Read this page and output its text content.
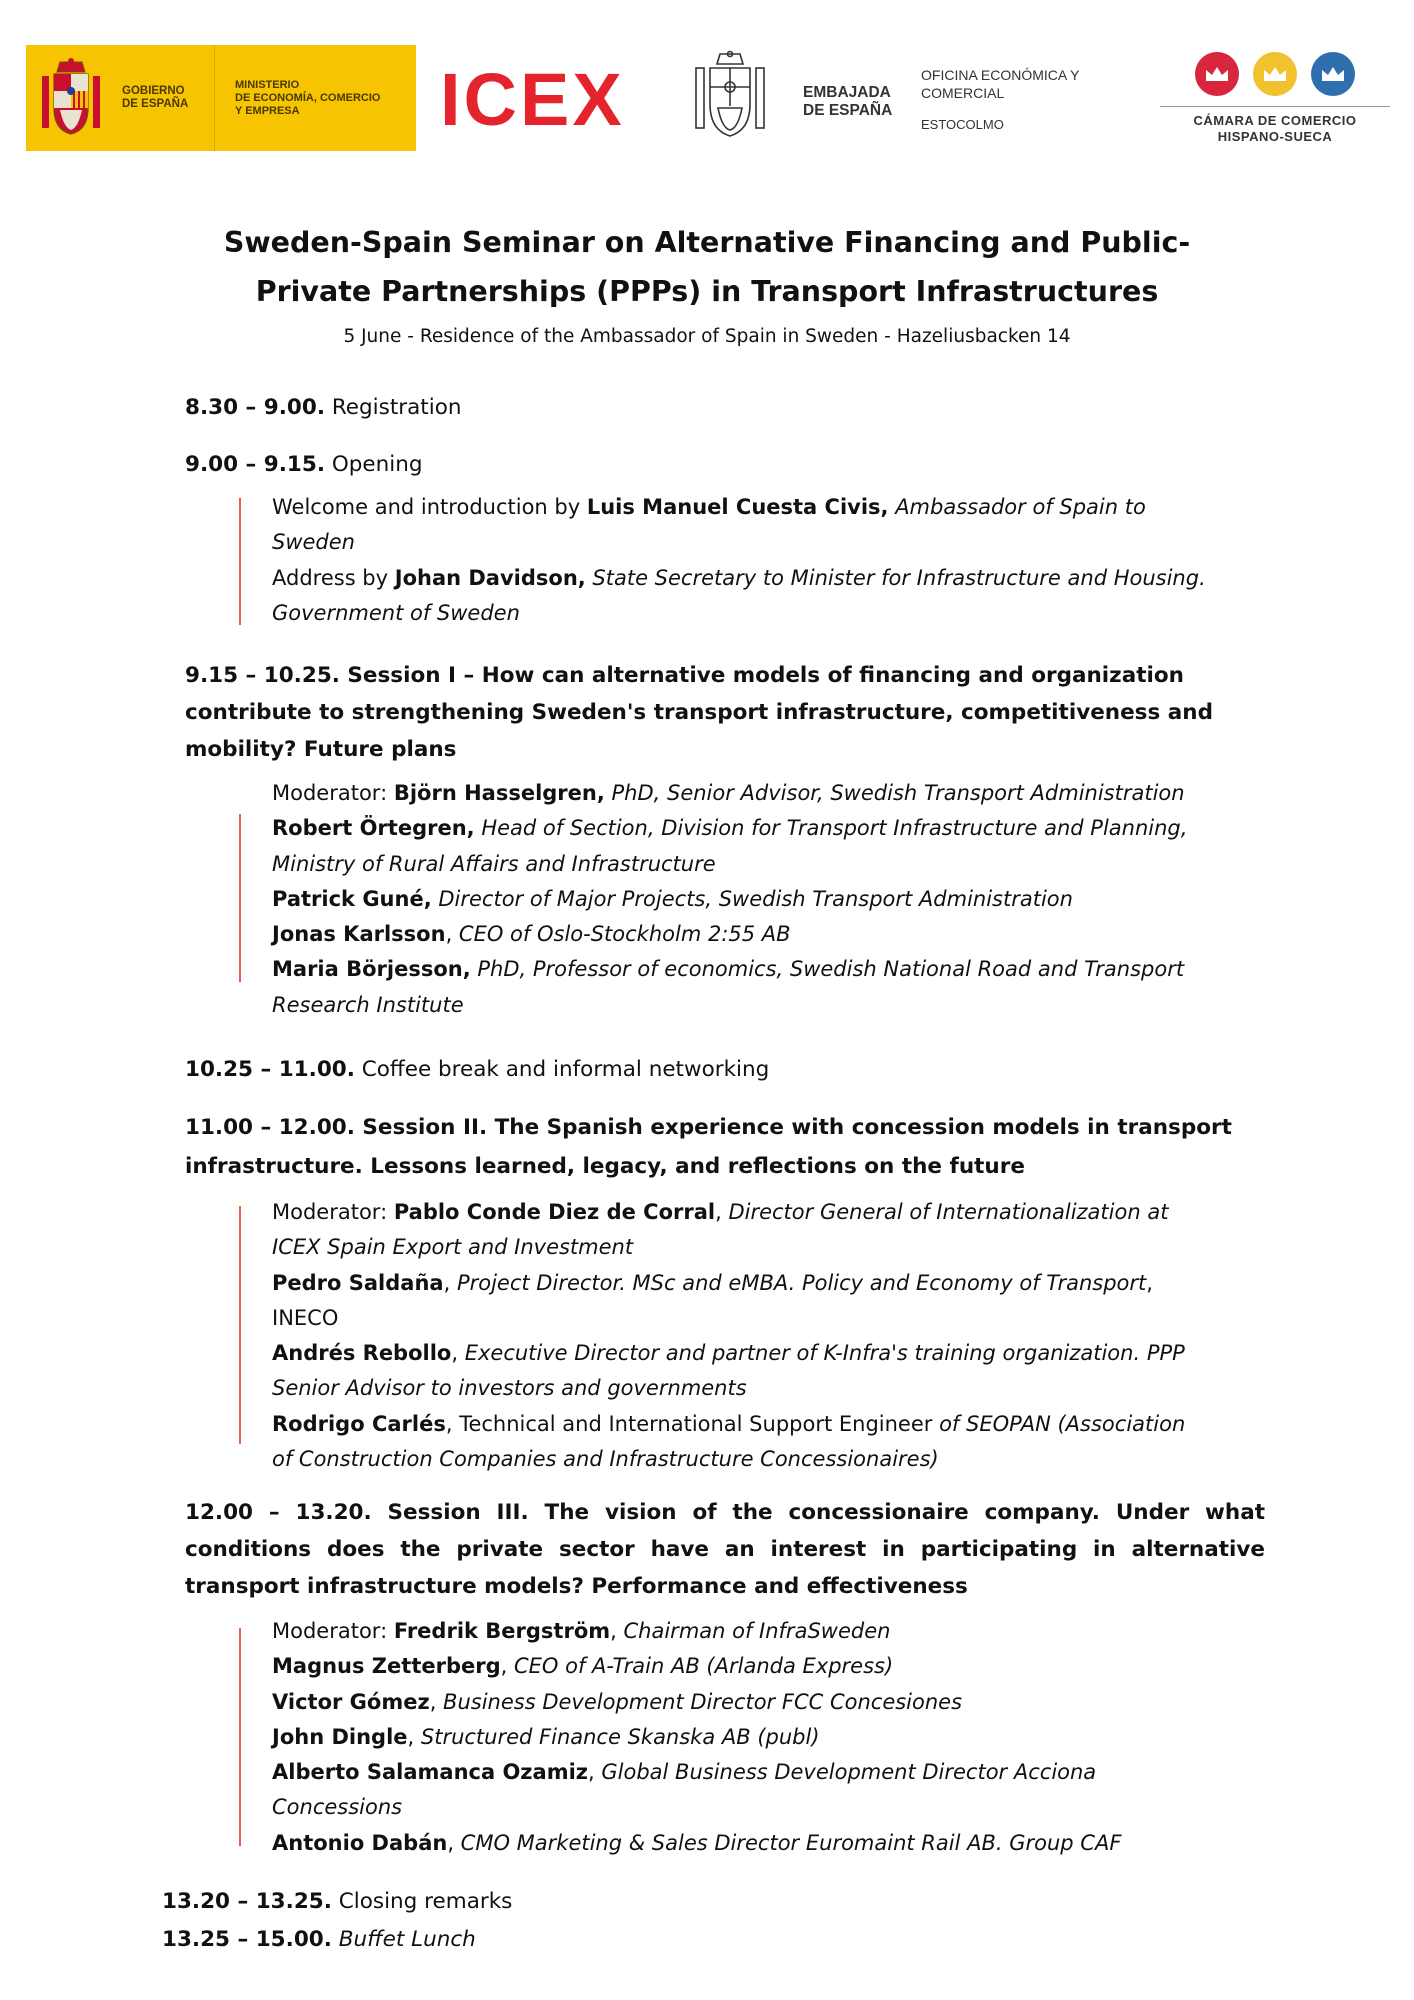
GOBIERNO
DE ESPAÑA
MINISTERIO
DE ECONOMÍA, COMERCIO
Y EMPRESA	ICEX	EMBAJADA
DE ESPAÑA
OFICINA ECONÓMICA Y
COMERCIAL
ESTOCOLMO	CÁMARA DE COMERCIO
HISPANO-SUECA
Sweden-Spain Seminar on Alternative Financing and Public-
Private Partnerships (PPPs) in Transport Infrastructures
5 June - Residence of the Ambassador of Spain in Sweden - Hazeliusbacken 14
8.30 – 9.00. Registration
9.00 – 9.15. Opening

Welcome and introduction by Luis Manuel Cuesta Civis, Ambassador of Spain to

Sweden

Address by Johan Davidson, State Secretary to Minister for Infrastructure and Housing.

Government of Sweden

9.15 – 10.25. Session I – How can alternative models of financing and organization
contribute to strengthening Sweden's transport infrastructure, competitiveness and
mobility? Future plans

Moderator: Björn Hasselgren, PhD, Senior Advisor, Swedish Transport Administration

Robert Örtegren, Head of Section, Division for Transport Infrastructure and Planning,

Ministry of Rural Affairs and Infrastructure

Patrick Guné, Director of Major Projects, Swedish Transport Administration

Jonas Karlsson, CEO of Oslo-Stockholm 2:55 AB

Maria Börjesson, PhD, Professor of economics, Swedish National Road and Transport

Research Institute

10.25 – 11.00. Coffee break and informal networking
11.00 – 12.00. Session II. The Spanish experience with concession models in transport
infrastructure. Lessons learned, legacy, and reflections on the future

Moderator: Pablo Conde Diez de Corral, Director General of Internationalization at

ICEX Spain Export and Investment

Pedro Saldaña, Project Director. MSc and eMBA. Policy and Economy of Transport,

INECO

Andrés Rebollo, Executive Director and partner of K-Infra's training organization. PPP

Senior Advisor to investors and governments

Rodrigo Carlés, Technical and International Support Engineer of SEOPAN (Association

of Construction Companies and Infrastructure Concessionaires)

12.00 – 13.20. Session III. The vision of the concessionaire company. Under what
conditions does the private sector have an interest in participating in alternative
transport infrastructure models? Performance and effectiveness

Moderator: Fredrik Bergström, Chairman of InfraSweden

Magnus Zetterberg, CEO of A-Train AB (Arlanda Express)

Victor Gómez, Business Development Director FCC Concesiones

John Dingle, Structured Finance Skanska AB (publ)

Alberto Salamanca Ozamiz, Global Business Development Director Acciona

Concessions

Antonio Dabán, CMO Marketing & Sales Director Euromaint Rail AB. Group CAF

13.20 – 13.25. Closing remarks
13.25 – 15.00. Buffet Lunch
